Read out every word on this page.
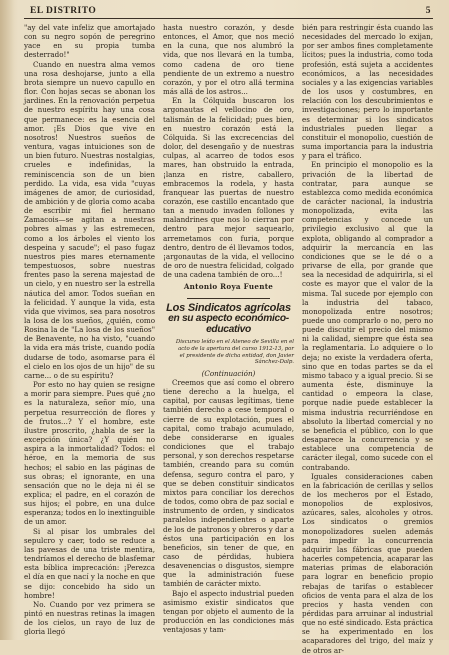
EL DISTRITO	5

"ay del vate infeliz que amortajado con su negro sopón de peregrino yace en su propia tumba desterrado!"

Cuando en nuestra alma vemos una rosa deshojarse, junto a ella brota siempre un nuevo capullo en flor. Con hojas secas se abonan los jardines. En la renovación perpetua de nuestro espíritu hay una cosa que permanece: es la esencia del amor. ¡Es Dios que vive en nosotros! Nuestros sueños de ventura, vagas intuiciones son de un bien futuro. Nuestras nostalgias, crueles e indefinidas, la reminiscencia son de un bien perdido. La vida, esa vida "cuyas imágenes de amor, de curiosidad, de ambición y de gloria como acaba de escribir mi fiel hermano Zamacois—se agitan a nuestras pobres almas y las estremecen, como a los árboles el viento los despeina y sacude"; el paso fugaz nuestros pies mares eternamente tempestuosos, sobre nuestras frentes paso la serena majestad de un cielo, y en nuestro ser la estrella náutica del amor. Todos sueñan en la felicidad. Y aunque la vida, esta vida que vivimos, sea para nosotros la losa de los sueños, ¿quién, como Rosina la de "La losa de los sueños" de Benavente, no ha visto, "cuando la vida era más triste, cuando podía dudarse de todo, asomarse para él el cielo en los ojos de un hijo" de su carne... o de su espíritu?

Por esto no hay quien se resigne a morir para siempre. Pues qué ¿no es la naturaleza, señor mío, una perpetua resurrección de flores y de frutos...? Y el hombre, este ilustre proscrito, ¿habla de ser la excepción única? ¿Y quién no aspira a la inmortalidad? Todos: el héroe, en la memoria de sus hechos; el sabio en las páginas de sus obras; el ignorante, en una sensación que no le deja ni él se explica; el padre, en el corazón de sus hijos; el pobre, en una dulce esperanza; todos en lo inextinguible de un amor.

Si al pisar los umbrales del sepulcro y caer, todo se reduce a las pavesas de una triste mentira, tendríamos el derecho de blasfemar esta bíblica imprecación: ¡Perezca el día en que nací y la noche en que se dijo: concebido ha sido un hombre!

No. Cuando por vez primera se pintó en nuestras retinas la imagen de los cielos, un rayo de luz de gloria llegó

hasta nuestro corazón, y desde entonces, el Amor, que nos meció en la cuna, que nos alumbró la vida, que nos llevará en la tumba, como cadena de oro tiene pendiente de un extremo a nuestro corazón, y por el otro allá termina más allá de los astros...

En la Cólquida buscaron los argonautas el vellocino de oro, talismán de la felicidad; pues bien, en nuestro corazón está la Cólquida. Si las excrecencias del dolor, del desengaño y de nuestras culpas, al acarreo de todos esos mares, han obstruido la entrada, ¡lanza en ristre, caballero, embracemos la rodela, y hasta franquear las puertas de nuestro corazón, ese castillo encantado que tan a menudo invaden follones y malandrines que nos lo cierran por dentro para mejor saquearlo, arremetamos con furia, porque dentro, dentro de él llevamos todos, ¡argonautas de la vida, el vellocino de oro de nuestra felicidad, colgado de una cadena también de oro...!

Antonio Roya Fuente
Los Sindicatos agrícolas
en su aspecto económico-educativo
Discurso leído en el Ateneo de Sevilla en el acto de la apertura del curso 1912-13, por el presidente de dicha entidad, don Javier Sánchez-Dalp.

(Continuación)

Creemos que así como el obrero tiene derecho a la huelga, el capital, por causas legítimas, tiene también derecho a cese temporal o cierre de su explotación, pues el capital, como trabajo acumulado, debe considerarse en iguales condiciones que el trabajo personal, y son derechos respetarse también, creando para su común defensa, seguro contra el paro, y que se deben constituir sindicatos mixtos para conciliar los derechos de todos, como obra de paz social e instrumento de orden, y sindicatos paralelos independientes o aparte de los de patronos y obreros y dar a éstos una participación en los beneficios, sin tener de que, en caso de pérdidas, hubiera desavenencias o disgustos, siempre que la administración fuese también de carácter mixto.

Bajo el aspecto industrial pueden asimismo existir sindicatos que tengan por objeto el aumento de la producción en las condiciones más ventajosas y tam-

bién para restringir ésta cuando las necesidades del mercado lo exijan, por ser ambos fines completamente lícitos; pues la industria, como toda profesión, está sujeta a accidentes económicos, a las necesidades sociales y a las exigencias variables de los usos y costumbres, en relación con los descubrimientos e investigaciones; pero lo importante es determinar si los sindicatos industriales pueden llegar a constituir el monopolio, cuestión de suma importancia para la industria y para el tráfico.

En principio el monopolio es la privación de la libertad de contratar, para aunque se establezca como medida económica de carácter nacional, la industria monopolizada, evita las competencias y concede un privilegio exclusivo al que la explota, obligando al comprador a adquirir la mercancía en las condiciones que se le dé o a privarse de ella, por grande que sea la necesidad de adquirirla, si el coste es mayor que el valor de la misma. Tal sucede por ejemplo con la industria del tabaco, monopolizada entre nosotros; puede uno comprarlo o no, pero no puede discutir el precio del mismo ni la calidad, siempre que ésta sea la reglamentaria. Lo adquiere o lo deja; no existe la verdadera oferta, sino que en todas partes se da el mismo tabaco y a igual precio. Si se aumenta éste, disminuye la cantidad o empeora la clase, porque nadie puede establecer la misma industria recurriéndose en absoluto la libertad comercial y no se beneficia el público, con lo que desaparece la concurrencia y se establece una competencia de carácter ilegal, como sucede con el contrabando.

Iguales consideraciones caben en la fabricación de cerillas y sellos de los mecheros por el Estado, monopolios de explosivos, azúcares, sales, alcoholes y otros. Los sindicatos o gremios monopolizadores suelen además para impedir la concurrencia adquirir las fábricas que pueden hacerles competencia, acaparar las materias primas de elaboración para lograr en beneficio propio rebajas de tarifas o establecer oficios de venta para el alza de los precios y hasta venden con pérdidas para arruinar al industrial que no esté sindicado. Esta práctica se ha experimentado en los acaparadores del trigo, del maíz y de otros ar-
